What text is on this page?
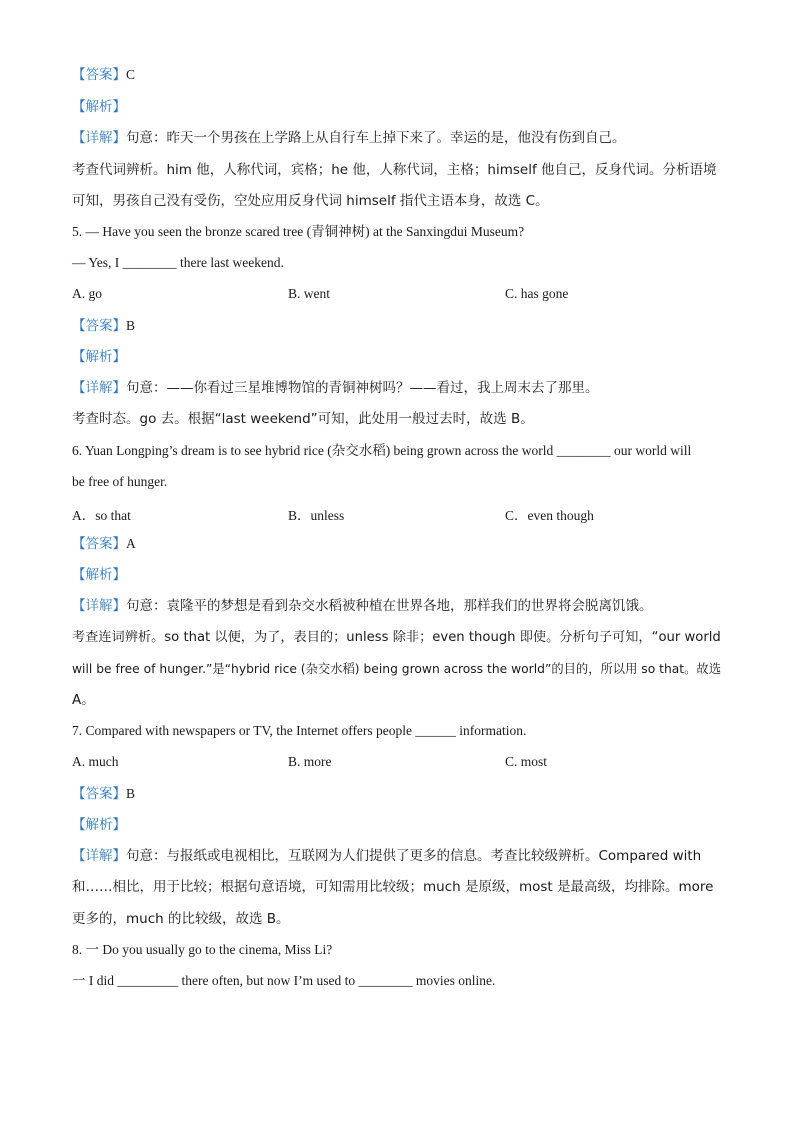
【答案】C
【解析】
【详解】句意：昨天一个男孩在上学路上从自行车上掉下来了。幸运的是，他没有伤到自己。
考查代词辨析。him 他，人称代词，宾格；he 他，人称代词，主格；himself 他自己，反身代词。分析语境
可知，男孩自己没有受伤，空处应用反身代词 himself 指代主语本身，故选 C。
5. — Have you seen the bronze scared tree (青铜神树) at the Sanxingdui Museum?
— Yes, I ________ there last weekend.
A. go	B. went	C. has gone
【答案】B
【解析】
【详解】句意：——你看过三星堆博物馆的青铜神树吗？——看过，我上周末去了那里。
考查时态。go 去。根据“last weekend”可知，此处用一般过去时，故选 B。
6. Yuan Longping’s dream is to see hybrid rice (杂交水稻) being grown across the world ________ our world will
be free of hunger.
A．so that	B．unless	C．even though
【答案】A
【解析】
【详解】句意：袁隆平的梦想是看到杂交水稻被种植在世界各地，那样我们的世界将会脱离饥饿。
考查连词辨析。so that 以便，为了，表目的；unless 除非；even though 即使。分析句子可知，“our world
will be free of hunger.”是“hybrid rice (杂交水稻) being grown across the world”的目的，所以用 so that。故选
A。
7. Compared with newspapers or TV, the Internet offers people ______ information.
A. much	B. more	C. most
【答案】B
【解析】
【详解】句意：与报纸或电视相比，互联网为人们提供了更多的信息。考查比较级辨析。Compared with
和……相比，用于比较；根据句意语境，可知需用比较级；much 是原级，most 是最高级，均排除。more
更多的，much 的比较级，故选 B。
8. 一 Do you usually go to the cinema, Miss Li?
一 I did _________ there often, but now I’m used to ________ movies online.
